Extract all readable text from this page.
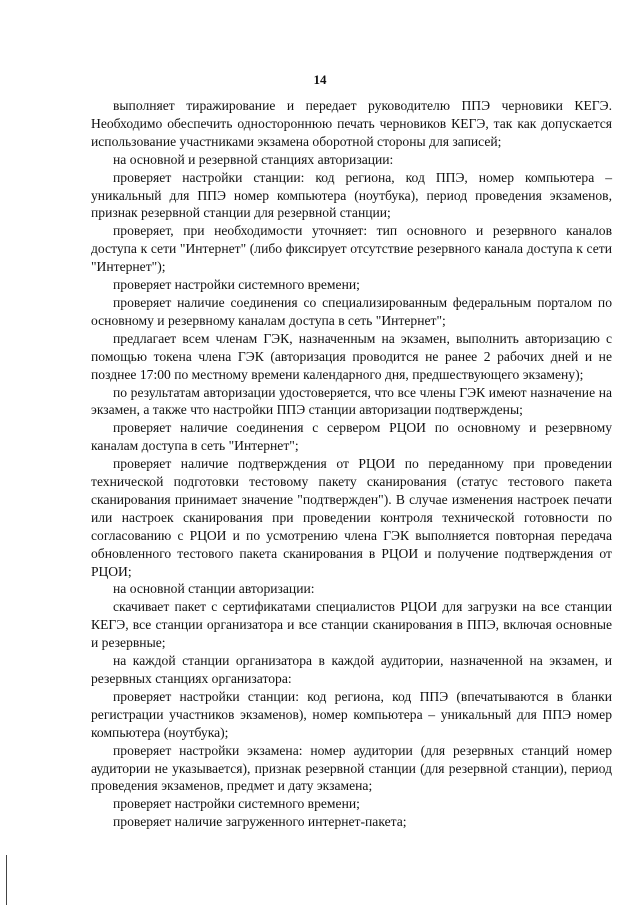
14

выполняет тиражирование и передает руководителю ППЭ черновики КЕГЭ. Необходимо обеспечить одностороннюю печать черновиков КЕГЭ, так как допускается использование участниками экзамена оборотной стороны для записей;

на основной и резервной станциях авторизации:

проверяет настройки станции: код региона, код ППЭ, номер компьютера – уникальный для ППЭ номер компьютера (ноутбука), период проведения экзаменов, признак резервной станции для резервной станции;

проверяет, при необходимости уточняет: тип основного и резервного каналов доступа к сети "Интернет" (либо фиксирует отсутствие резервного канала доступа к сети "Интернет");

проверяет настройки системного времени;

проверяет наличие соединения со специализированным федеральным порталом по основному и резервному каналам доступа в сеть "Интернет";

предлагает всем членам ГЭК, назначенным на экзамен, выполнить авторизацию с помощью токена члена ГЭК (авторизация проводится не ранее 2 рабочих дней и не позднее 17:00 по местному времени календарного дня, предшествующего экзамену);

по результатам авторизации удостоверяется, что все члены ГЭК имеют назначение на экзамен, а также что настройки ППЭ станции авторизации подтверждены;

проверяет наличие соединения с сервером РЦОИ по основному и резервному каналам доступа в сеть "Интернет";

проверяет наличие подтверждения от РЦОИ по переданному при проведении технической подготовки тестовому пакету сканирования (статус тестового пакета сканирования принимает значение "подтвержден"). В случае изменения настроек печати или настроек сканирования при проведении контроля технической готовности по согласованию с РЦОИ и по усмотрению члена ГЭК выполняется повторная передача обновленного тестового пакета сканирования в РЦОИ и получение подтверждения от РЦОИ;

на основной станции авторизации:

скачивает пакет с сертификатами специалистов РЦОИ для загрузки на все станции КЕГЭ, все станции организатора и все станции сканирования в ППЭ, включая основные и резервные;

на каждой станции организатора в каждой аудитории, назначенной на экзамен, и резервных станциях организатора:

проверяет настройки станции: код региона, код ППЭ (впечатываются в бланки регистрации участников экзаменов), номер компьютера – уникальный для ППЭ номер компьютера (ноутбука);

проверяет настройки экзамена: номер аудитории (для резервных станций номер аудитории не указывается), признак резервной станции (для резервной станции), период проведения экзаменов, предмет и дату экзамена;

проверяет настройки системного времени;

проверяет наличие загруженного интернет-пакета;
